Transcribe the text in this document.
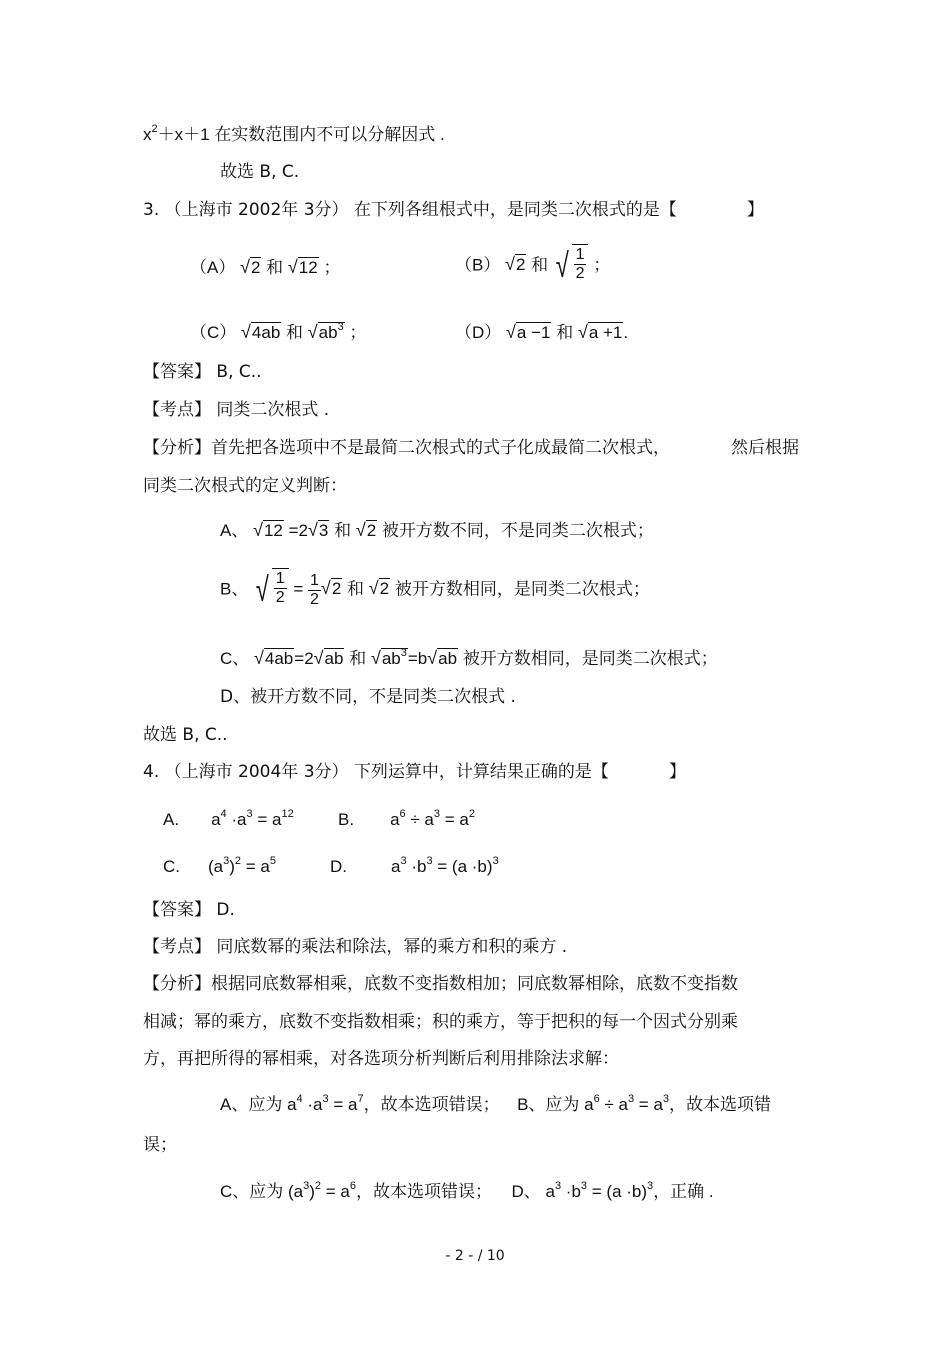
$x^2+x+1$ 在实数范围内不可以分解因式 .
故选 B, C.
3. （上海市 2002年 3分） 在下列各组根式中，是同类二次根式的是【	】
（A） √2 和 √12 ；	（B） √2 和 √ $\frac{1}{2}$ ；
（C） √4ab 和 $√ab^3$ ；	（D） √a −1 和 √a +1.
【答案】 B, C..
【考点】 同类二次根式 .
【分析】首先把各选项中不是最简二次根式的式子化成最简二次根式，	然后根据
同类二次根式的定义判断：
A、 √12 =2√3 和 √2 被开方数不同，不是同类二次根式；
B、 √ $\frac{1}{2} = \frac{1}{2} √2$ 和 √2 被开方数相同，是同类二次根式；
C、 √4ab=2√ab 和 $√ab^3=b√ab$ 被开方数相同，是同类二次根式；
D、被开方数不同，不是同类二次根式 .
故选 B, C..
4. （上海市 2004年 3分） 下列运算中，计算结果正确的是【	】
A. $a^4 \cdot a^3 = a^{12}$	B. $a^6 \div a^3 = a^2$
C. $(a^3)^2 = a^5$	D.	$a^3 \cdot b^3 = (a \cdot b)^3$
【答案】 D.
【考点】 同底数幂的乘法和除法，幂的乘方和积的乘方 .
【分析】根据同底数幂相乘，底数不变指数相加；同底数幂相除，底数不变指数
相减；幂的乘方，底数不变指数相乘；积的乘方，等于把积的每一个因式分别乘
方，再把所得的幂相乘，对各选项分析判断后利用排除法求解：
A、应为 $a^4 \cdot a^3 = a^7$，故本选项错误； B、应为 $a^6 \div a^3 = a^3$，故本选项错
误；
C、应为 $(a^3)^2 = a^6$，故本选项错误； D、 $a^3 \cdot b^3 = (a \cdot b)^3$，正确 .
- 2 - / 10
